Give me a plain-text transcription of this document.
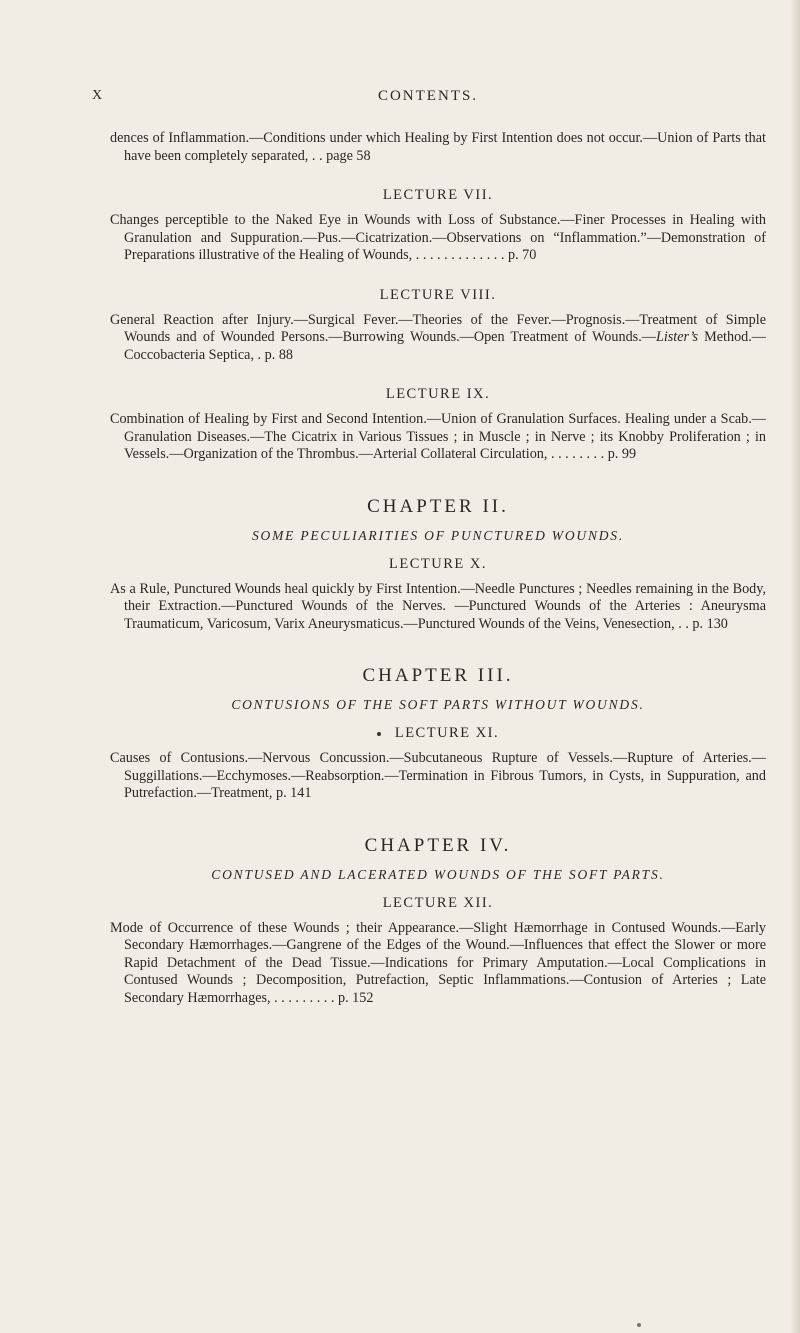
X	CONTENTS.

dences of Inflammation.—Conditions under which Healing by First Intention does not occur.—Union of Parts that have been completely separated, . . page 58

LECTURE VII.

Changes perceptible to the Naked Eye in Wounds with Loss of Substance.—Finer Processes in Healing with Granulation and Suppuration.—Pus.—Cicatrization.—Observations on “Inflammation.”—Demonstration of Preparations illustrative of the Healing of Wounds, . . . . . . . . . . . . . p. 70

LECTURE VIII.

General Reaction after Injury.—Surgical Fever.—Theories of the Fever.—Prognosis.—Treatment of Simple Wounds and of Wounded Persons.—Burrowing Wounds.—Open Treatment of Wounds.—Lister’s Method.—Coccobacteria Septica, . p. 88

LECTURE IX.

Combination of Healing by First and Second Intention.—Union of Granulation Surfaces. Healing under a Scab.—Granulation Diseases.—The Cicatrix in Various Tissues ; in Muscle ; in Nerve ; its Knobby Proliferation ; in Vessels.—Organization of the Thrombus.—Arterial Collateral Circulation, . . . . . . . . p. 99

CHAPTER II.
SOME PECULIARITIES OF PUNCTURED WOUNDS.
LECTURE X.

As a Rule, Punctured Wounds heal quickly by First Intention.—Needle Punctures ; Needles remaining in the Body, their Extraction.—Punctured Wounds of the Nerves. —Punctured Wounds of the Arteries : Aneurysma Traumaticum, Varicosum, Varix Aneurysmaticus.—Punctured Wounds of the Veins, Venesection, . . p. 130

CHAPTER III.
CONTUSIONS OF THE SOFT PARTS WITHOUT WOUNDS.
LECTURE XI.

Causes of Contusions.—Nervous Concussion.—Subcutaneous Rupture of Vessels.—Rupture of Arteries.—Suggillations.—Ecchymoses.—Reabsorption.—Termination in Fibrous Tumors, in Cysts, in Suppuration, and Putrefaction.—Treatment, p. 141

CHAPTER IV.
CONTUSED AND LACERATED WOUNDS OF THE SOFT PARTS.
LECTURE XII.

Mode of Occurrence of these Wounds ; their Appearance.—Slight Hæmorrhage in Contused Wounds.—Early Secondary Hæmorrhages.—Gangrene of the Edges of the Wound.—Influences that effect the Slower or more Rapid Detachment of the Dead Tissue.—Indications for Primary Amputation.—Local Complications in Contused Wounds ; Decomposition, Putrefaction, Septic Inflammations.—Contusion of Arteries ; Late Secondary Hæmorrhages, . . . . . . . . . p. 152
